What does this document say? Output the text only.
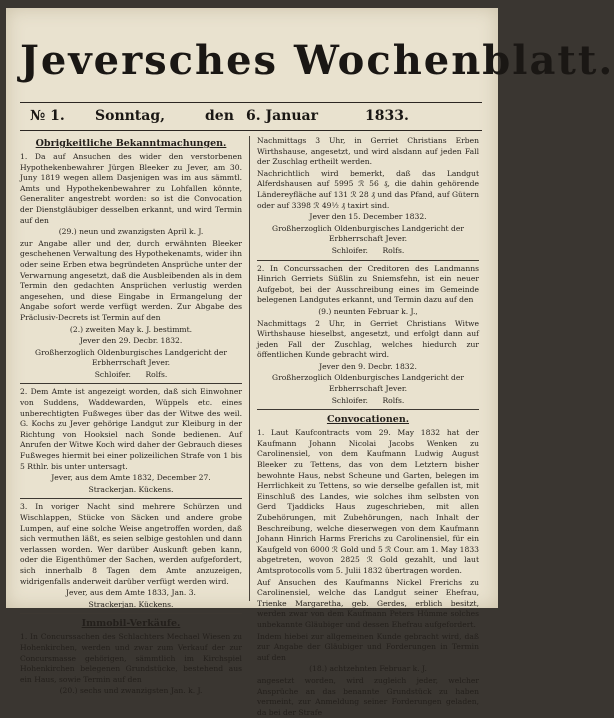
Jeversches Wochenblatt.
№ 1. Sonntag,	den 6. Januar	1833.
Obrigkeitliche Bekanntmachungen.
1. Da auf Ansuchen des wider den verstorbenen Hypothekenbewahrer Jürgen Bleeker zu Jever, am 30. Juny 1819 wegen allem Dasjenigen was im aus sämmtl. Amts und Hypothekenbewahrer zu Lohfallen könnte, Generaliter angestrebt worden: so ist die Convocation der Dienstgläubiger desselben erkannt, und wird Termin auf den
(29.) neun und zwanzigsten April k. J.
zur Angabe aller und der, durch erwähnten Bleeker geschehenen Verwaltung des Hypothekenamts, wider ihn oder seine Erben etwa begründeten Ansprüche unter der Verwarnung angesetzt, daß die Ausbleibenden als in dem Termin den gedachten Ansprüchen verlustig werden angesehen, und diese Eingabe in Ermangelung der Angabe sofort werde verfügt werden. Zur Abgabe des Präclusiv-Decrets ist Termin auf den
(2.) zweiten May k. J. bestimmt.
Jever den 29. Decbr. 1832.
Großherzoglich Oldenburgisches Landgericht der Erbherrschaft Jever.
Schloifer. Rolfs.
2. Dem Amte ist angezeigt worden, daß sich Einwohner von Suddens, Waddewarden, Wüppels etc. eines unberechtigten Fußweges über das der Witwe des weil. G. Kochs zu Jever gehörige Landgut zur Kleiburg in der Richtung von Hooksiel nach Sonde bedienen. Auf Anrufen der Witwe Koch wird daher der Gebrauch dieses Fußweges hiermit bei einer polizeilichen Strafe von 1 bis 5 Rthlr. bis unter untersagt.
Jever, aus dem Amte 1832, December 27.
Strackerjan. Kückens.
3. In voriger Nacht sind mehrere Schürzen und Wischlappen, Stücke von Säcken und andere grobe Lumpen, auf eine solche Weise angetroffen worden, daß sich vermuthen läßt, es seien selbige gestohlen und dann verlassen worden. Wer darüber Auskunft geben kann, oder die Eigenthümer der Sachen, werden aufgefordert, sich innerhalb 8 Tagen dem Amte anzuzeigen, widrigenfalls anderweit darüber verfügt werden wird.
Jever, aus dem Amte 1833, Jan. 3.
Strackerjan. Kückens.
Immobil-Verkäufe.
1. In Concurssachen des Schlachters Mechael Wiesen zu Hohenkirchen, werden und zwar zum Verkauf der zur Concursmasse gehörigen, sämmtlich im Kirchspiel Hohenkirchen belegenen Grundstücke, bestehend aus ein Haus, sowie Termin auf den
(20.) sechs und zwanzigsten Jan. k. J.
Nachmittags 3 Uhr, in Gerriet Christians Erben Wirthshause, angesetzt, und wird alsdann auf jeden Fall der Zuschlag ertheilt werden.
Nachrichtlich wird bemerkt, daß das Landgut Alferdshausen auf 5995 ℛ 56 ₰, die dahin gehörende Ländereyfläche auf 131 ℛ 28 ₰ und das Pfand, auf Gütern oder auf 3398 ℛ 49½ ₰ taxirt sind.
Jever den 15. December 1832.
Großherzoglich Oldenburgisches Landgericht der Erbherrschaft Jever.
Schloifer. Rolfs.
2. In Concurssachen der Creditoren des Landmanns Hinrich Gerriets Süßlin zu Sniemsfehn, ist ein neuer Aufgebot, bei der Ausschreibung eines im Gemeinde belegenen Landgutes erkannt, und Termin dazu auf den
(9.) neunten Februar k. J.,
Nachmittags 2 Uhr, in Gerriet Christians Witwe Wirthshause hieselbst, angesetzt, und erfolgt dann auf jeden Fall der Zuschlag, welches hiedurch zur öffentlichen Kunde gebracht wird.
Jever den 9. Decbr. 1832.
Großherzoglich Oldenburgisches Landgericht der Erbherrschaft Jever.
Schloifer. Rolfs.
Convocationen.
1. Laut Kaufcontracts vom 29. May 1832 hat der Kaufmann Johann Nicolai Jacobs Wenken zu Carolinensiel, von dem Kaufmann Ludwig August Bleeker zu Tettens, das von dem Letztern bisher bewohnte Haus, nebst Scheune und Garten, belegen im Herrlichkeit zu Tettens, so wie derselbe gefallen ist, mit Einschluß des Landes, wie solches ihm selbsten von Gerd Tjaddicks Haus zugeschrieben, mit allen Zubehörungen, mit Zubehörungen, nach Inhalt der Beschreibung, welche dieserwegen von dem Kaufmann Johann Hinrich Harms Frerichs zu Carolinensiel, für ein Kaufgeld von 6000 ℛ Gold und 5 ℛ Cour. am 1. May 1833 abgetreten, wovon 2825 ℛ Gold gezahlt, und laut Amtsprotocolls vom 5. Julii 1832 übertragen worden.
Auf Ansuchen des Kaufmanns Nickel Frerichs zu Carolinensiel, welche das Landgut seiner Ehefrau, Trienke Margaretha, geb. Gerdes, erblich besitzt, werden zwar von dem Kaufmann Peters Hümme solches unbekannte Gläubiger und dessen Ehefrau aufgefordert.
Indem hiebei zur allgemeinen Kunde gebracht wird, daß zur Angabe der Gläubiger und Forderungen in Termin auf den
(18.) achtzehnten Februar k. J.
angesetzt worden, wird zugleich jeder, welcher Ansprüche an das benannte Grundstück zu haben vermeint, zur Anmeldung seiner Forderungen geladen, da bei der Strafe
